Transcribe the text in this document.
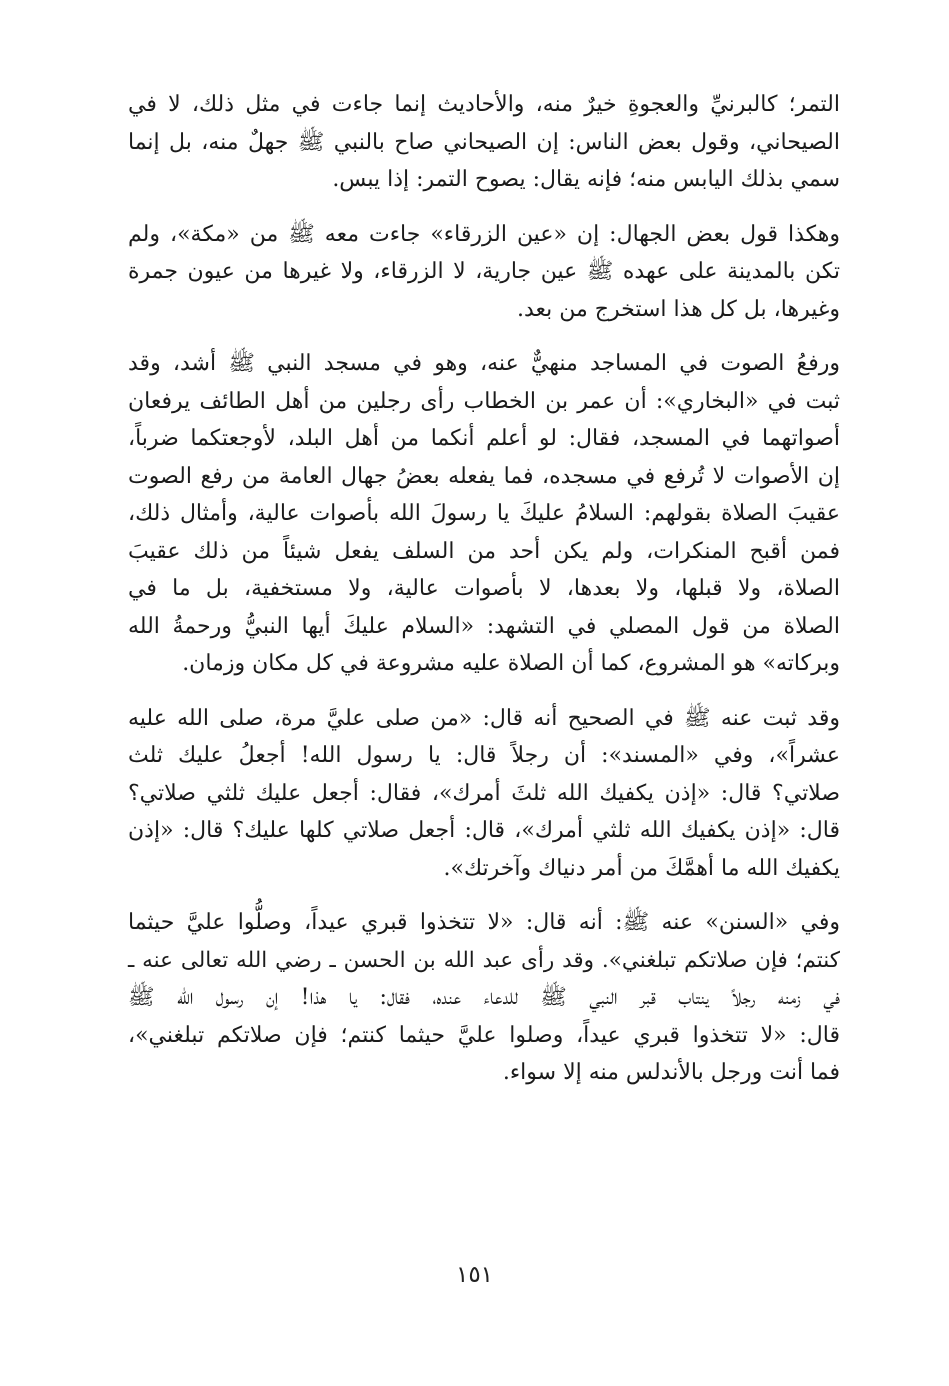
التمر؛ كالبرنيِّ والعجوةِ خيرٌ منه، والأحاديث إنما جاءت في مثل ذلك، لا في
الصيحاني، وقول بعض الناس: إن الصيحاني صاح بالنبي ﷺ جهلٌ منه، بل إنما
سمي بذلك اليابس منه؛ فإنه يقال: يصوح التمر: إذا يبس.
وهكذا قول بعض الجهال: إن «عين الزرقاء» جاءت معه ﷺ من «مكة»، ولم
تكن بالمدينة على عهده ﷺ عين جارية، لا الزرقاء، ولا غيرها من عيون جمرة
وغيرها، بل كل هذا استخرج من بعد.
ورفعُ الصوت في المساجد منهيٌّ عنه، وهو في مسجد النبي ﷺ أشد، وقد
ثبت في «البخاري»: أن عمر بن الخطاب رأى رجلين من أهل الطائف يرفعان
أصواتهما في المسجد، فقال: لو أعلم أنكما من أهل البلد، لأوجعتكما ضرباً،
إن الأصوات لا تُرفع في مسجده، فما يفعله بعضُ جهال العامة من رفع الصوت
عقيبَ الصلاة بقولهم: السلامُ عليكَ يا رسولَ الله بأصوات عالية، وأمثال ذلك،
فمن أقبح المنكرات، ولم يكن أحد من السلف يفعل شيئاً من ذلك عقيبَ
الصلاة، ولا قبلها، ولا بعدها، لا بأصوات عالية، ولا مستخفية، بل ما في
الصلاة من قول المصلي في التشهد: «السلام عليكَ أيها النبيُّ ورحمةُ الله
وبركاته» هو المشروع، كما أن الصلاة عليه مشروعة في كل مكان وزمان.
وقد ثبت عنه ﷺ في الصحيح أنه قال: «من صلى عليَّ مرة، صلى الله عليه
عشراً»، وفي «المسند»: أن رجلاً قال: يا رسول الله! أجعلُ عليك ثلث
صلاتي؟ قال: «إذن يكفيك الله ثلثَ أمرك»، فقال: أجعل عليك ثلثي صلاتي؟
قال: «إذن يكفيك الله ثلثي أمرك»، قال: أجعل صلاتي كلها عليك؟ قال: «إذن
يكفيك الله ما أهمَّكَ من أمر دنياك وآخرتك».
وفي «السنن» عنه ﷺ: أنه قال: «لا تتخذوا قبري عيداً، وصلُّوا عليَّ حيثما
كنتم؛ فإن صلاتكم تبلغني». وقد رأى عبد الله بن الحسن ـ رضي الله تعالى عنه ـ
في زمنه رجلاً ينتاب قبر النبي ﷺ للدعاء عنده، فقال: يا هذا! إن رسول الله ﷺ
قال: «لا تتخذوا قبري عيداً، وصلوا عليَّ حيثما كنتم؛ فإن صلاتكم تبلغني»،
فما أنت ورجل بالأندلس منه إلا سواء.
١٥١
